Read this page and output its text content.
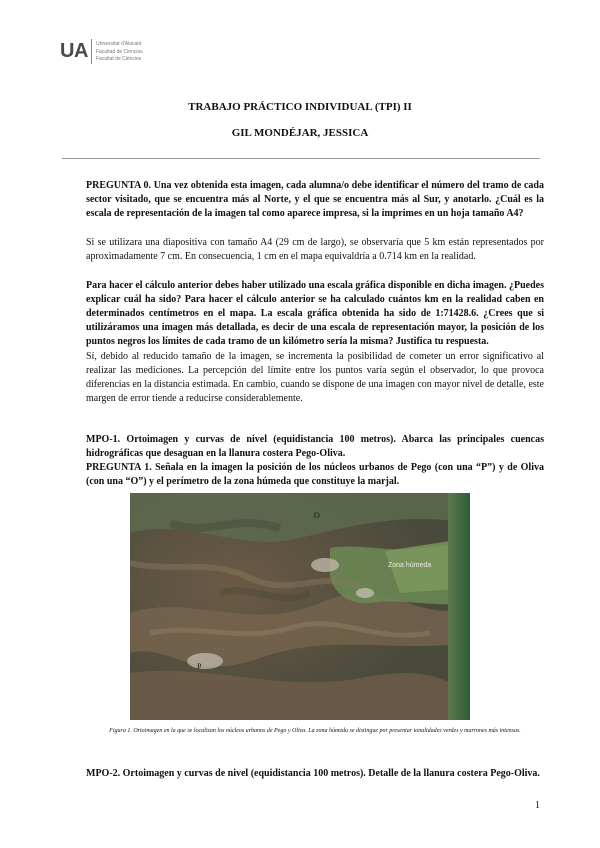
UA Universitat d'Alacant
Facultad de Ciencias
Facultat de Ciències
TRABAJO PRÁCTICO INDIVIDUAL (TPI) II
GIL MONDÉJAR, JESSICA

PREGUNTA 0. Una vez obtenida esta imagen, cada alumna/o debe identificar el número del tramo de cada sector visitado, que se encuentra más al Norte, y el que se encuentra más al Sur, y anotarlo. ¿Cuál es la escala de representación de la imagen tal como aparece impresa, si la imprimes en un hoja tamaño A4?

Si se utilizara una diapositiva con tamaño A4 (29 cm de largo), se observaría que 5 km están representados por aproximadamente 7 cm. En consecuencia, 1 cm en el mapa equivaldría a 0.714 km en la realidad.

Para hacer el cálculo anterior debes haber utilizado una escala gráfica disponible en dicha imagen. ¿Puedes explicar cuál ha sido? Para hacer el cálculo anterior se ha calculado cuántos km en la realidad caben en determinados centímetros en el mapa. La escala gráfica obtenida ha sido de 1:71428.6. ¿Crees que si utilizáramos una imagen más detallada, es decir de una escala de representación mayor, la posición de los puntos negros los límites de cada tramo de un kilómetro sería la misma? Justifica tu respuesta.

Sí, debido al reducido tamaño de la imagen, se incrementa la posibilidad de cometer un error significativo al realizar las mediciones. La percepción del límite entre los puntos varía según el observador, lo que provoca diferencias en la distancia estimada. En cambio, cuando se dispone de una imagen con mayor nivel de detalle, este margen de error tiende a reducirse considerablemente.

MPO-1. Ortoimagen y curvas de nivel (equidistancia 100 metros). Abarca las principales cuencas hidrográficas que desaguan en la llanura costera Pego-Oliva.

PREGUNTA 1. Señala en la imagen la posición de los núcleos urbanos de Pego (con una “P”) y de Oliva (con una “O”) y el perímetro de la zona húmeda que constituye la marjal.

O
P
Zona húmeda
Figura 1. Ortoimagen en la que se localizan los núcleos urbanos de Pego y Oliva. La zona húmeda se distingue por presentar tonalidades verdes y marrones más intensas.

MPO-2. Ortoimagen y curvas de nivel (equidistancia 100 metros). Detalle de la llanura costera Pego-Oliva.

1
